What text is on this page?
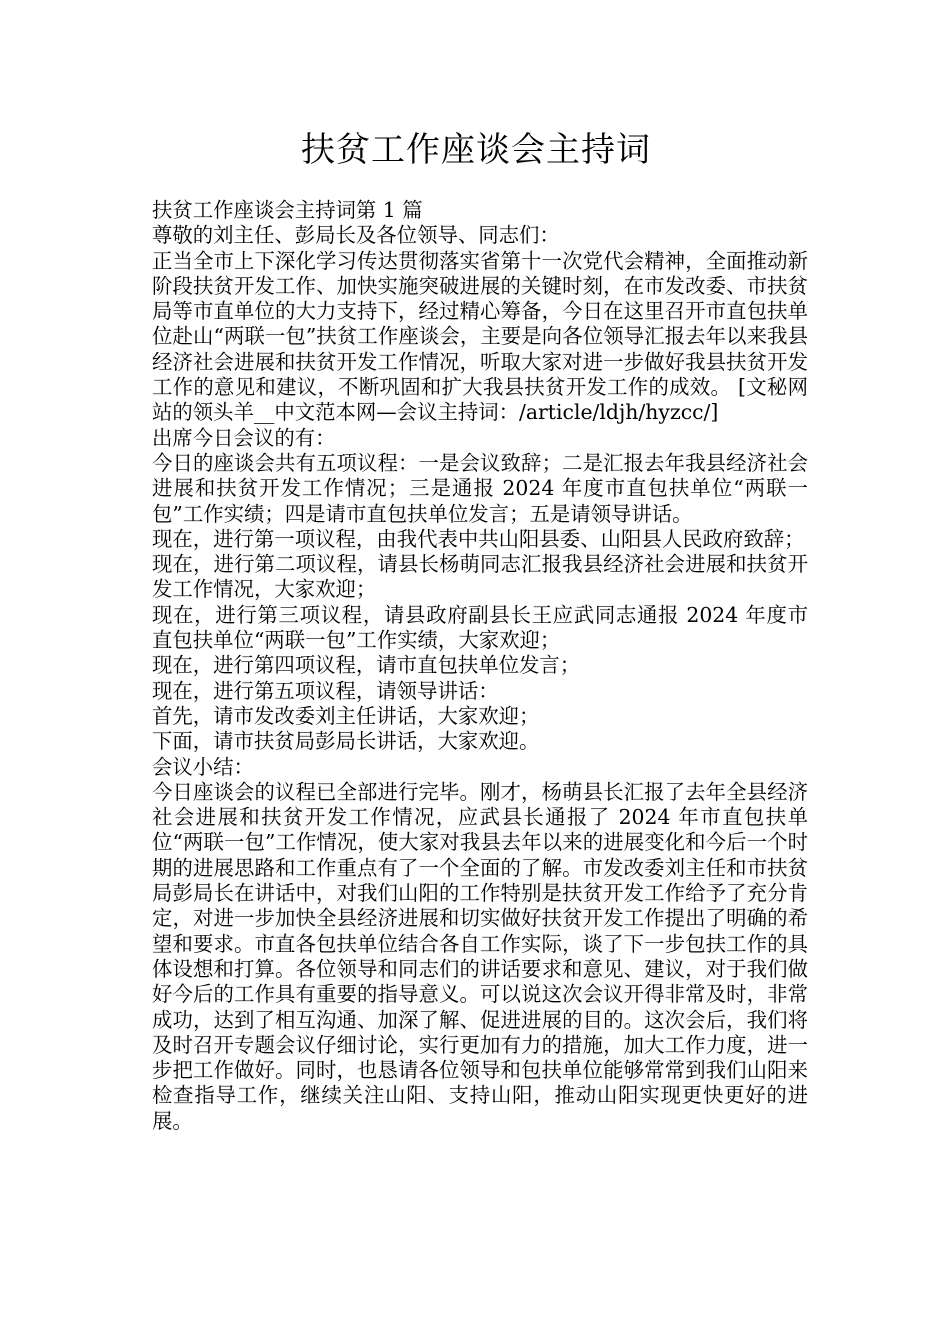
扶贫工作座谈会主持词

扶贫工作座谈会主持词第 1 篇

尊敬的刘主任、彭局长及各位领导、同志们：

正当全市上下深化学习传达贯彻落实省第十一次党代会精神，全面推动新阶段扶贫开发工作、加快实施突破进展的关键时刻，在市发改委、市扶贫局等市直单位的大力支持下，经过精心筹备，今日在这里召开市直包扶单位赴山“两联一包”扶贫工作座谈会，主要是向各位领导汇报去年以来我县经济社会进展和扶贫开发工作情况，听取大家对进一步做好我县扶贫开发工作的意见和建议，不断巩固和扩大我县扶贫开发工作的成效。 [文秘网站的领头羊__中文范本网—会议主持词：/article/ldjh/hyzcc/]

出席今日会议的有：

今日的座谈会共有五项议程：一是会议致辞；二是汇报去年我县经济社会进展和扶贫开发工作情况；三是通报 2024 年度市直包扶单位“两联一包”工作实绩；四是请市直包扶单位发言；五是请领导讲话。

现在，进行第一项议程，由我代表中共山阳县委、山阳县人民政府致辞；

现在，进行第二项议程，请县长杨萌同志汇报我县经济社会进展和扶贫开发工作情况，大家欢迎；

现在，进行第三项议程，请县政府副县长王应武同志通报 2024 年度市直包扶单位“两联一包”工作实绩，大家欢迎；

现在，进行第四项议程，请市直包扶单位发言；

现在，进行第五项议程，请领导讲话：

首先，请市发改委刘主任讲话，大家欢迎；

下面，请市扶贫局彭局长讲话，大家欢迎。

会议小结：

今日座谈会的议程已全部进行完毕。刚才，杨萌县长汇报了去年全县经济社会进展和扶贫开发工作情况，应武县长通报了 2024 年市直包扶单位“两联一包”工作情况，使大家对我县去年以来的进展变化和今后一个时期的进展思路和工作重点有了一个全面的了解。市发改委刘主任和市扶贫局彭局长在讲话中，对我们山阳的工作特别是扶贫开发工作给予了充分肯定，对进一步加快全县经济进展和切实做好扶贫开发工作提出了明确的希望和要求。市直各包扶单位结合各自工作实际，谈了下一步包扶工作的具体设想和打算。各位领导和同志们的讲话要求和意见、建议，对于我们做好今后的工作具有重要的指导意义。可以说这次会议开得非常及时，非常成功，达到了相互沟通、加深了解、促进进展的目的。这次会后，我们将及时召开专题会议仔细讨论，实行更加有力的措施，加大工作力度，进一步把工作做好。同时，也恳请各位领导和包扶单位能够常常到我们山阳来检查指导工作，继续关注山阳、支持山阳，推动山阳实现更快更好的进展。
